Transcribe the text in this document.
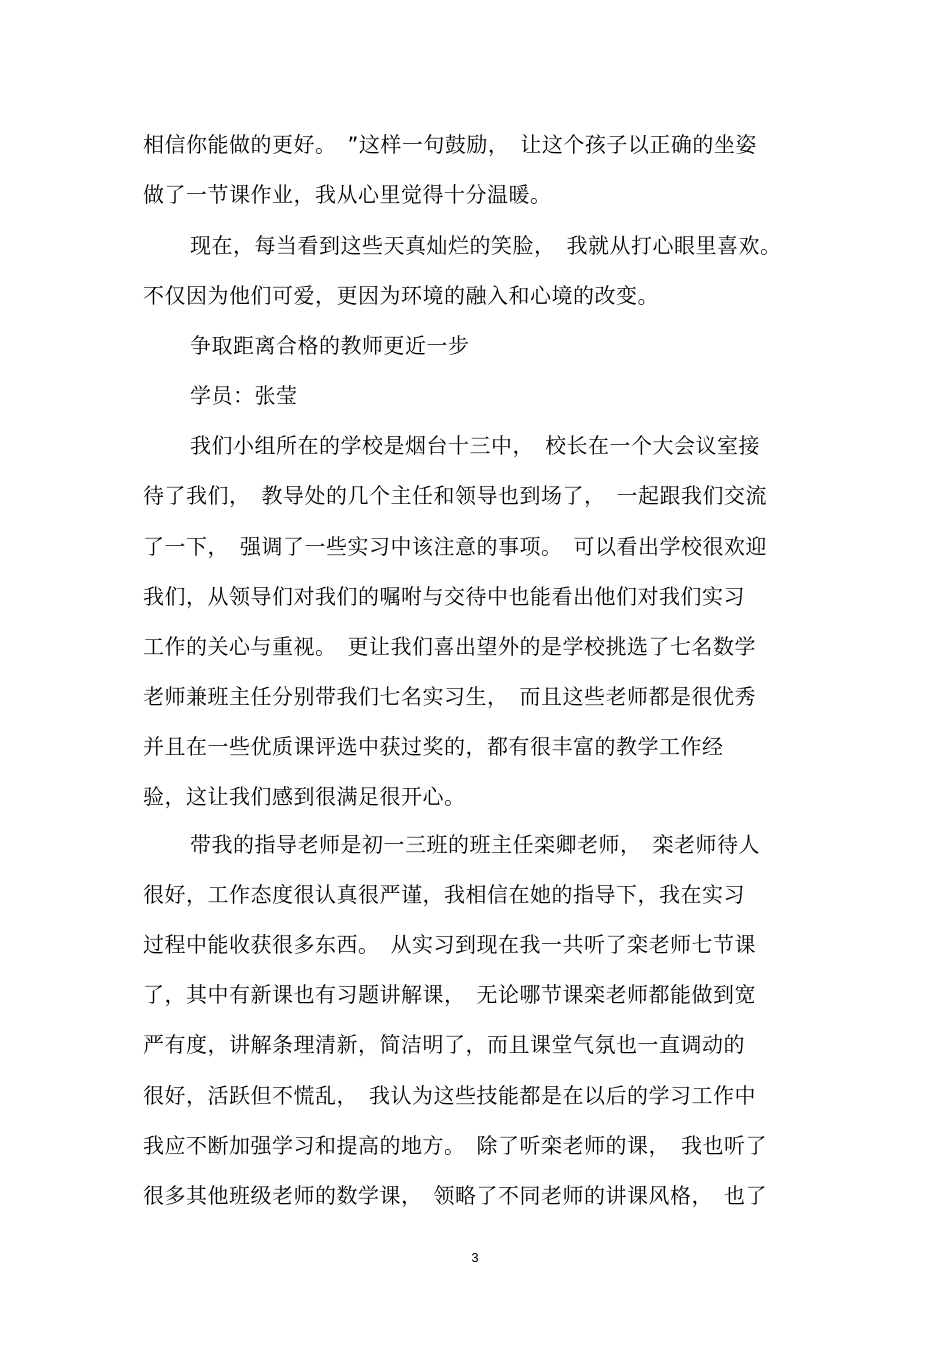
相信你能做的更好。　”这样一句鼓励，　让这个孩子以正确的坐姿
做了一节课作业，我从心里觉得十分温暖。
现在，每当看到这些天真灿烂的笑脸，　我就从打心眼里喜欢。
不仅因为他们可爱，更因为环境的融入和心境的改变。
争取距离合格的教师更近一步
学员：张莹
我们小组所在的学校是烟台十三中，　校长在一个大会议室接
待了我们，　教导处的几个主任和领导也到场了，　一起跟我们交流
了一下，　强调了一些实习中该注意的事项。　可以看出学校很欢迎
我们，从领导们对我们的嘱咐与交待中也能看出他们对我们实习
工作的关心与重视。　更让我们喜出望外的是学校挑选了七名数学
老师兼班主任分别带我们七名实习生，　而且这些老师都是很优秀
并且在一些优质课评选中获过奖的，都有很丰富的教学工作经
验，这让我们感到很满足很开心。
带我的指导老师是初一三班的班主任栾卿老师，　栾老师待人
很好，工作态度很认真很严谨，我相信在她的指导下，我在实习
过程中能收获很多东西。　从实习到现在我一共听了栾老师七节课
了，其中有新课也有习题讲解课，　无论哪节课栾老师都能做到宽
严有度，讲解条理清新，简洁明了，而且课堂气氛也一直调动的
很好，活跃但不慌乱，　我认为这些技能都是在以后的学习工作中
我应不断加强学习和提高的地方。　除了听栾老师的课，　我也听了
很多其他班级老师的数学课，　领略了不同老师的讲课风格，　也了
3
